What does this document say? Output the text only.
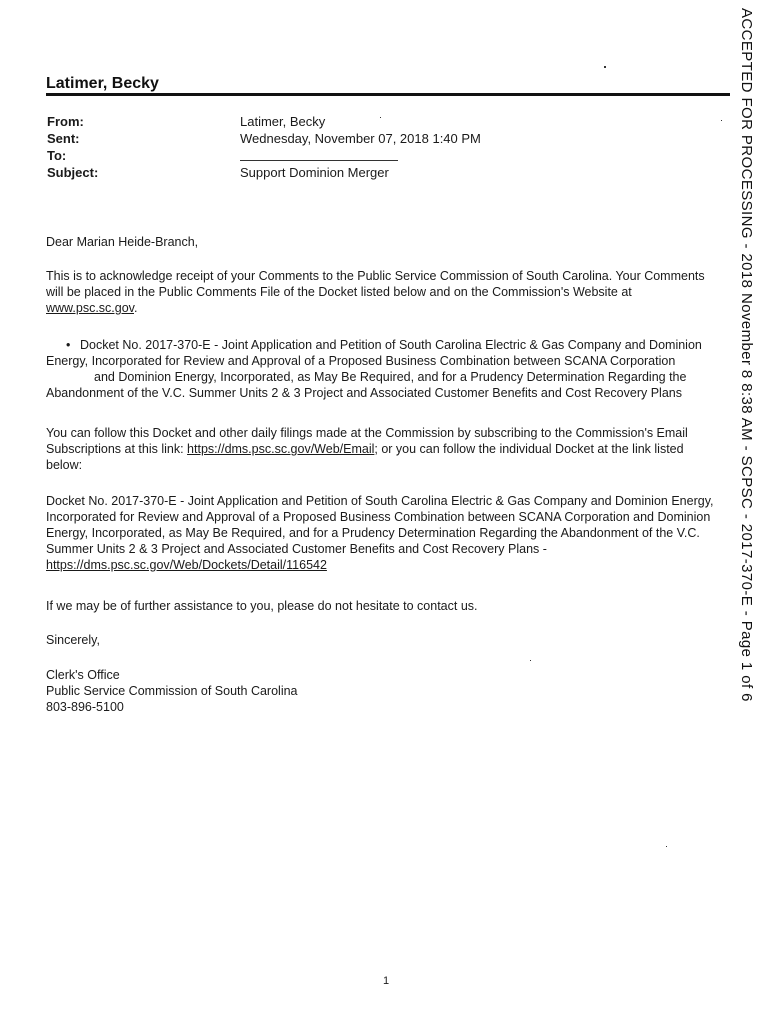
ACCEPTED FOR PROCESSING - 2018 November 8 8:38 AM - SCPSC - 2017-370-E - Page 1 of 6
Latimer, Becky
From:	Latimer, Becky
Sent:	Wednesday, November 07, 2018 1:40 PM
To:
Subject:	Support Dominion Merger
Dear Marian Heide-Branch,
This is to acknowledge receipt of your Comments to the Public Service Commission of South Carolina. Your Comments will be placed in the Public Comments File of the Docket listed below and on the Commission's Website at
www.psc.sc.gov.
• Docket No. 2017-370-E - Joint Application and Petition of South Carolina Electric & Gas Company and Dominion Energy, Incorporated for Review and Approval of a Proposed Business Combination between SCANA Corporation
and Dominion Energy, Incorporated, as May Be Required, and for a Prudency Determination Regarding the
Abandonment of the V.C. Summer Units 2 & 3 Project and Associated Customer Benefits and Cost Recovery Plans
You can follow this Docket and other daily filings made at the Commission by subscribing to the Commission's Email Subscriptions at this link: https://dms.psc.sc.gov/Web/Email; or you can follow the individual Docket at the link listed below:
Docket No. 2017-370-E - Joint Application and Petition of South Carolina Electric & Gas Company and Dominion Energy, Incorporated for Review and Approval of a Proposed Business Combination between SCANA Corporation and Dominion Energy, Incorporated, as May Be Required, and for a Prudency Determination Regarding the Abandonment of the V.C. Summer Units 2 & 3 Project and Associated Customer Benefits and Cost Recovery Plans -
https://dms.psc.sc.gov/Web/Dockets/Detail/116542
If we may be of further assistance to you, please do not hesitate to contact us.
Sincerely,
Clerk's Office
Public Service Commission of South Carolina
803-896-5100
1
